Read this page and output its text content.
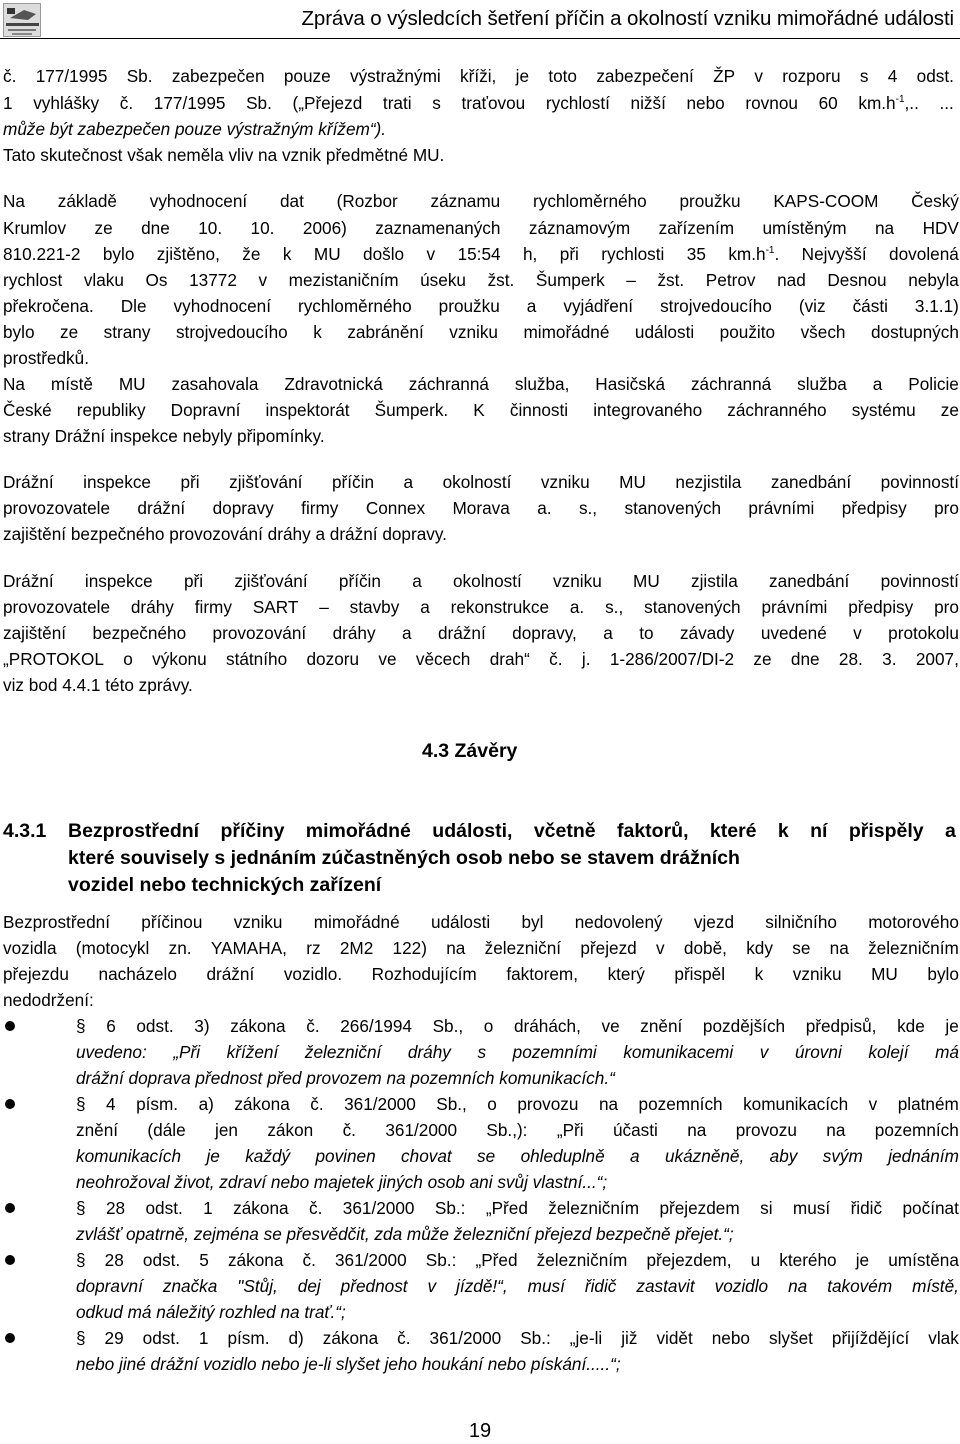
Zpráva o výsledcích šetření příčin a okolností vzniku mimořádné události
č. 177/1995 Sb. zabezpečen pouze výstražnými kříži, je toto zabezpečení ŽP v rozporu s 4 odst.
1 vyhlášky č. 177/1995 Sb. („Přejezd trati s traťovou rychlostí nižší nebo rovnou 60 $km.h^{-1}$,.. ...
může být zabezpečen pouze výstražným křížem“).
Tato skutečnost však neměla vliv na vznik předmětné MU.
Na základě vyhodnocení dat (Rozbor záznamu rychloměrného proužku KAPS-COOM Český
Krumlov ze dne 10. 10. 2006) zaznamenaných záznamovým zařízením umístěným na HDV
810.221-2 bylo zjištěno, že k MU došlo v 15:54 h, při rychlosti 35 $km.h^{-1}$. Nejvyšší dovolená
rychlost vlaku Os 13772 v mezistaničním úseku žst. Šumperk – žst. Petrov nad Desnou nebyla
překročena. Dle vyhodnocení rychloměrného proužku a vyjádření strojvedoucího (viz části 3.1.1)
bylo ze strany strojvedoucího k zabránění vzniku mimořádné události použito všech dostupných
prostředků.
Na místě MU zasahovala Zdravotnická záchranná služba, Hasičská záchranná služba a Policie
České republiky Dopravní inspektorát Šumperk. K činnosti integrovaného záchranného systému ze
strany Drážní inspekce nebyly připomínky.
Drážní inspekce při zjišťování příčin a okolností vzniku MU nezjistila zanedbání povinností
provozovatele drážní dopravy firmy Connex Morava a. s., stanovených právními předpisy pro
zajištění bezpečného provozování dráhy a drážní dopravy.
Drážní inspekce při zjišťování příčin a okolností vzniku MU zjistila zanedbání povinností
provozovatele dráhy firmy SART – stavby a rekonstrukce a. s., stanovených právními předpisy pro
zajištění bezpečného provozování dráhy a drážní dopravy, a to závady uvedené v protokolu
„PROTOKOL o výkonu státního dozoru ve věcech drah“ č. j. 1-286/2007/DI-2 ze dne 28. 3. 2007,
viz bod 4.4.1 této zprávy.
4.3 Závěry
4.3.1 Bezprostřední příčiny mimořádné události, včetně faktorů, které k ní přispěly a
které souvisely s jednáním zúčastněných osob nebo se stavem drážních
vozidel nebo technických zařízení
Bezprostřední příčinou vzniku mimořádné události byl nedovolený vjezd silničního motorového
vozidla (motocykl zn. YAMAHA, rz 2M2 122) na železniční přejezd v době, kdy se na železničním
přejezdu nacházelo drážní vozidlo. Rozhodujícím faktorem, který přispěl k vzniku MU bylo
nedodržení:
§ 6 odst. 3) zákona č. 266/1994 Sb., o dráhách, ve znění pozdějších předpisů, kde je
uvedeno: „Při křížení železniční dráhy s pozemními komunikacemi v úrovni kolejí má
drážní doprava přednost před provozem na pozemních komunikacích.“
§ 4 písm. a) zákona č. 361/2000 Sb., o provozu na pozemních komunikacích v platném
znění (dále jen zákon č. 361/2000 Sb.,): „Při účasti na provozu na pozemních
komunikacích je každý povinen chovat se ohleduplně a ukázněně, aby svým jednáním
neohrožoval život, zdraví nebo majetek jiných osob ani svůj vlastní...“;
§ 28 odst. 1 zákona č. 361/2000 Sb.: „Před železničním přejezdem si musí řidič počínat
zvlášť opatrně, zejména se přesvědčit, zda může železniční přejezd bezpečně přejet.“;
§ 28 odst. 5 zákona č. 361/2000 Sb.: „Před železničním přejezdem, u kterého je umístěna
dopravní značka "Stůj, dej přednost v jízdě!“, musí řidič zastavit vozidlo na takovém místě,
odkud má náležitý rozhled na trať.“;
§ 29 odst. 1 písm. d) zákona č. 361/2000 Sb.: „je-li již vidět nebo slyšet přijíždějící vlak
nebo jiné drážní vozidlo nebo je-li slyšet jeho houkání nebo pískání.....“;
19
